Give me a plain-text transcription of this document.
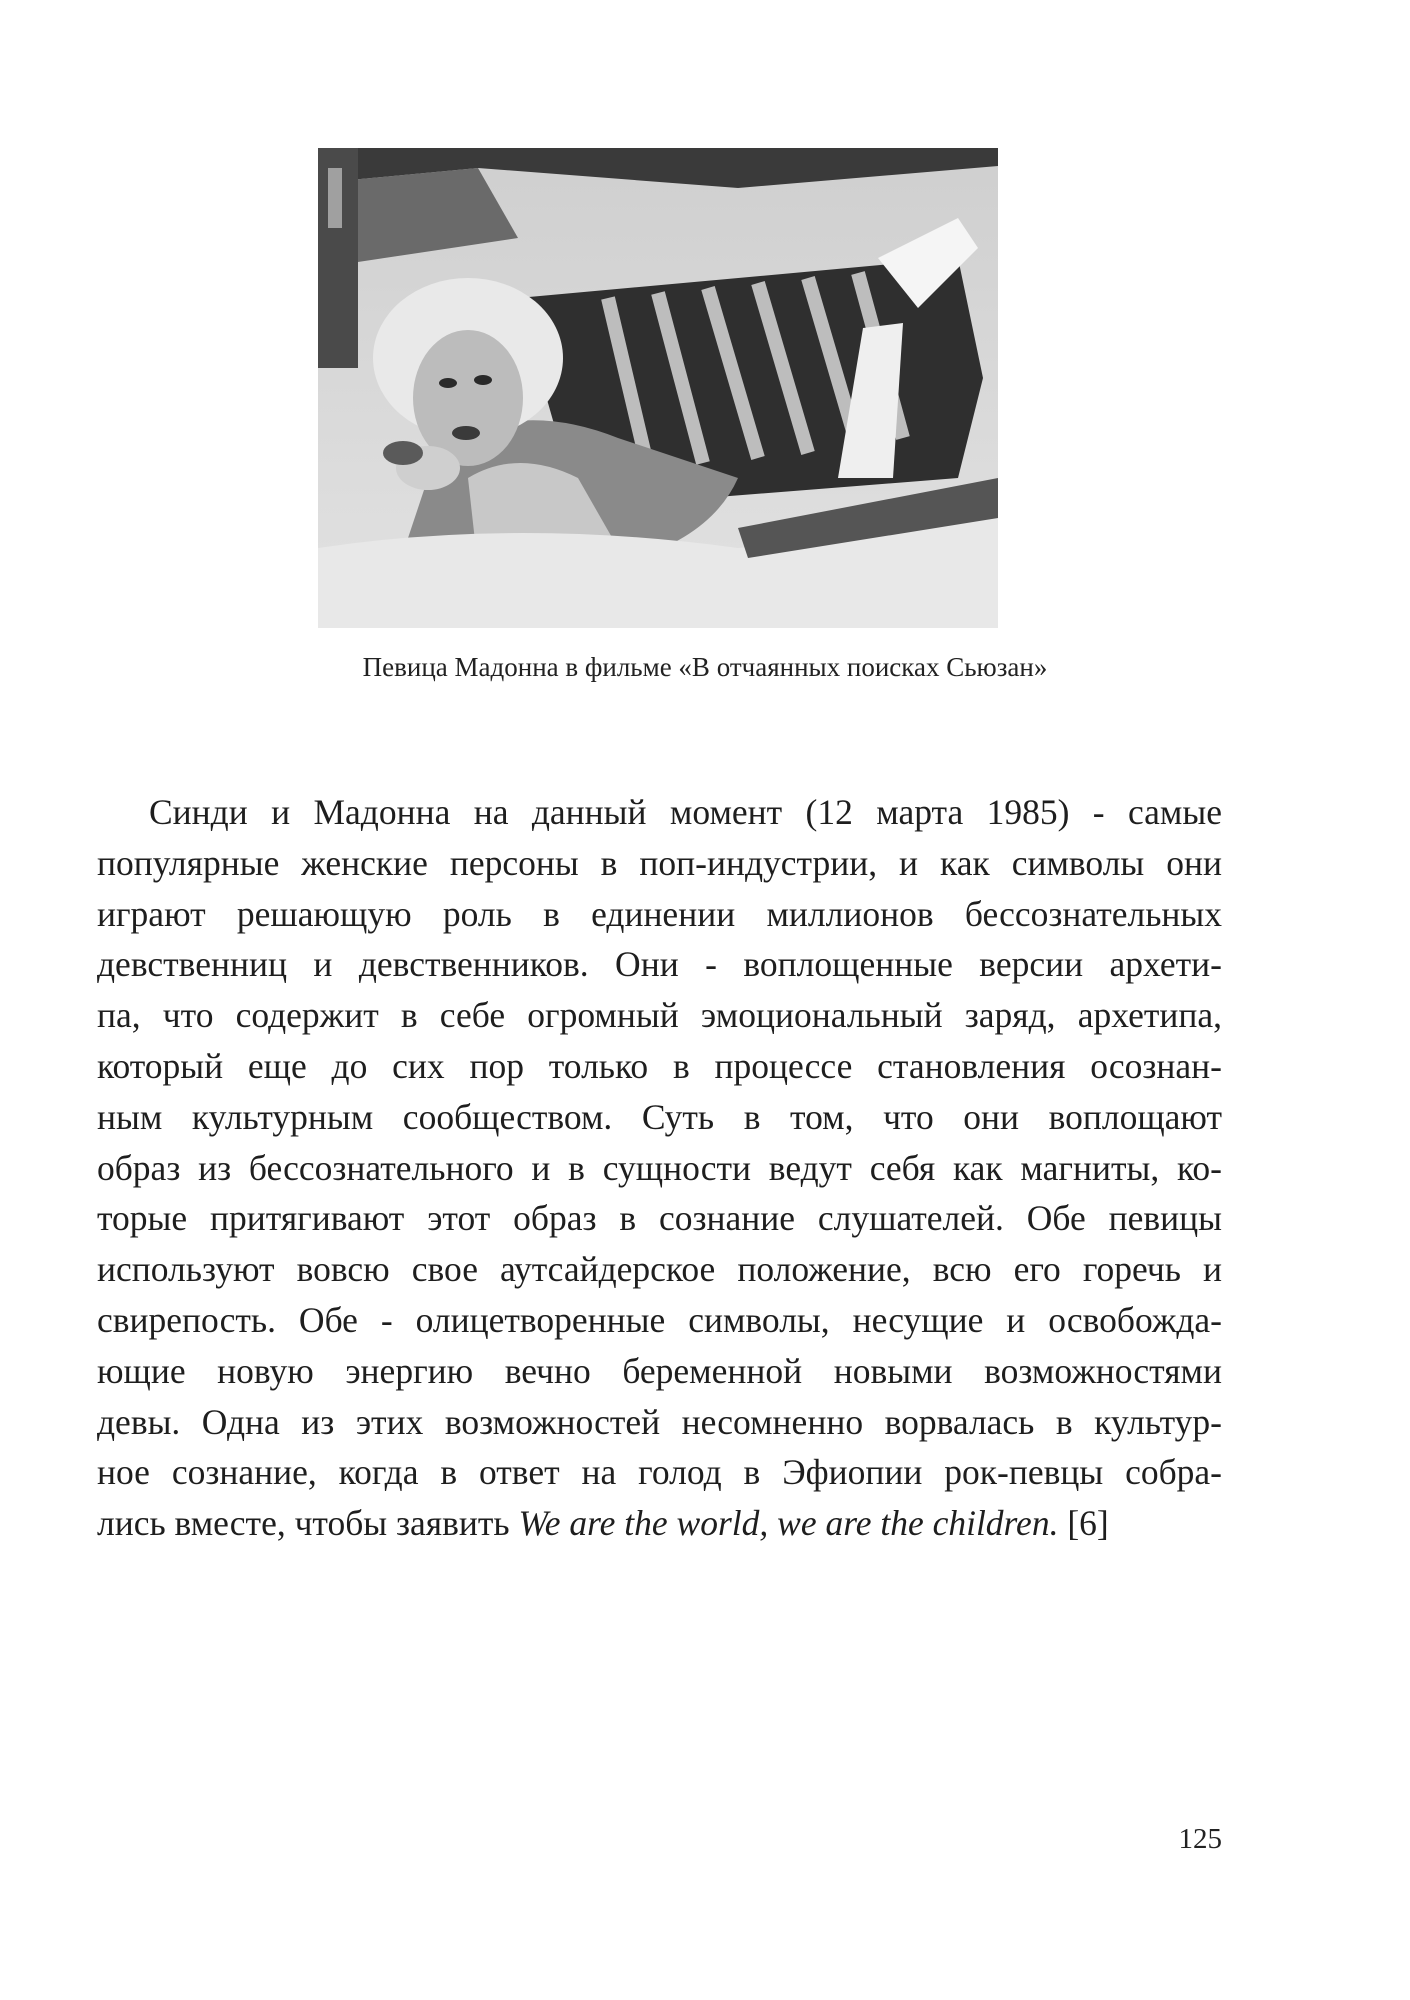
Певица Мадонна в фильме «В отчаянных поисках Сьюзан»
Синди и Мадонна на данный момент (12 марта 1985) - самые
популярные женские персоны в поп-индустрии, и как символы они
играют решающую роль в единении миллионов бессознательных
девственниц и девственников. Они - воплощенные версии архети-
па, что содержит в себе огромный эмоциональный заряд, архетипа,
который еще до сих пор только в процессе становления осознан-
ным культурным сообществом. Суть в том, что они воплощают
образ из бессознательного и в сущности ведут себя как магниты, ко-
торые притягивают этот образ в сознание слушателей. Обе певицы
используют вовсю свое аутсайдерское положение, всю его горечь и
свирепость. Обе - олицетворенные символы, несущие и освобожда-
ющие новую энергию вечно беременной новыми возможностями
девы. Одна из этих возможностей несомненно ворвалась в культур-
ное сознание, когда в ответ на голод в Эфиопии рок-певцы собра-
лись вместе, чтобы заявить We are the world, we are the children. [6]
125
